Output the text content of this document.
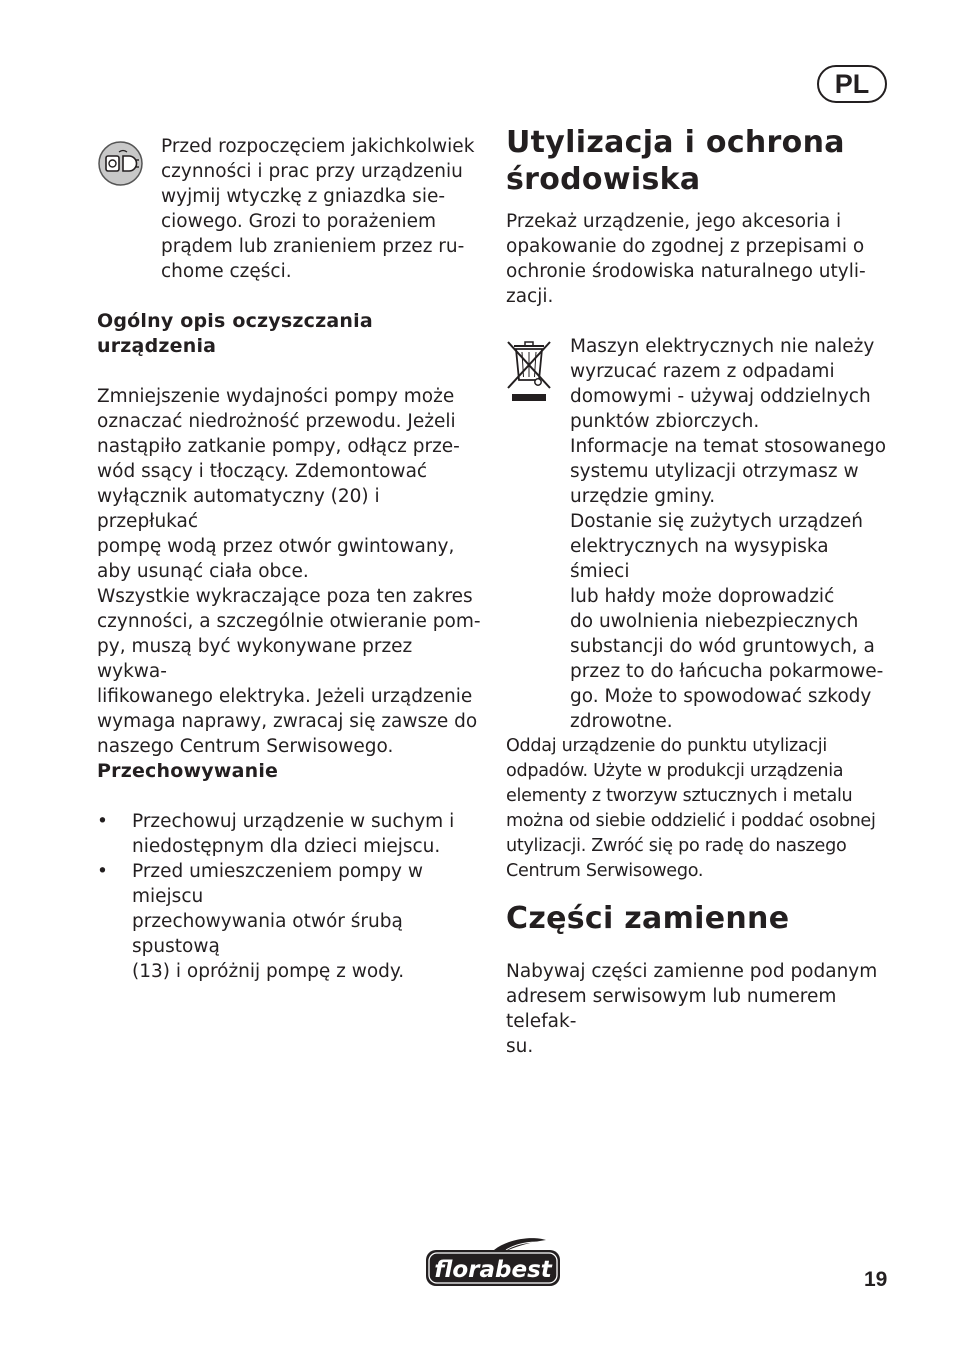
PL

Przed rozpoczęciem jakichkolwiek

czynności i prac przy urządzeniu

wyjmij wtyczkę z gniazdka sie-

ciowego. Grozi to porażeniem

prądem lub zranieniem przez ru-

chome części.

Ogólny opis oczyszczania

urządzenia

Zmniejszenie wydajności pompy może

oznaczać niedrożność przewodu. Jeżeli

nastąpiło zatkanie pompy, odłącz prze-

wód ssący i tłoczący. Zdemontować

wyłącznik automatyczny (20) i przepłukać

pompę wodą przez otwór gwintowany,

aby usunąć ciała obce.

Wszystkie wykraczające poza ten zakres

czynności, a szczególnie otwieranie pom-

py, muszą być wykonywane przez wykwa-

lifikowanego elektryka. Jeżeli urządzenie

wymaga naprawy, zwracaj się zawsze do

naszego Centrum Serwisowego.

Przechowywanie

• Przechowuj urządzenie w suchym i

niedostępnym dla dzieci miejscu.

• Przed umieszczeniem pompy w miejscu

przechowywania otwór śrubą spustową

(13) i opróżnij pompę z wody.

Utylizacja i ochrona

środowiska

Przekaż urządzenie, jego akcesoria i

opakowanie do zgodnej z przepisami o

ochronie środowiska naturalnego utyli-

zacji.

Maszyn elektrycznych nie należy

wyrzucać razem z odpadami

domowymi - używaj oddzielnych

punktów zbiorczych.

Informacje na temat stosowanego

systemu utylizacji otrzymasz w

urzędzie gminy.

Dostanie się zużytych urządzeń

elektrycznych na wysypiska śmieci

lub hałdy może doprowadzić

do uwolnienia niebezpiecznych

substancji do wód gruntowych, a

przez to do łańcucha pokarmowe-

go. Może to spowodować szkody

zdrowotne.

Oddaj urządzenie do punktu utylizacji

odpadów. Użyte w produkcji urządzenia

elementy z tworzyw sztucznych i metalu

można od siebie oddzielić i poddać osobnej

utylizacji. Zwróć się po radę do naszego

Centrum Serwisowego.

Części zamienne

Nabywaj części zamienne pod podanym

adresem serwisowym lub numerem telefak-

su.

florabest	19
